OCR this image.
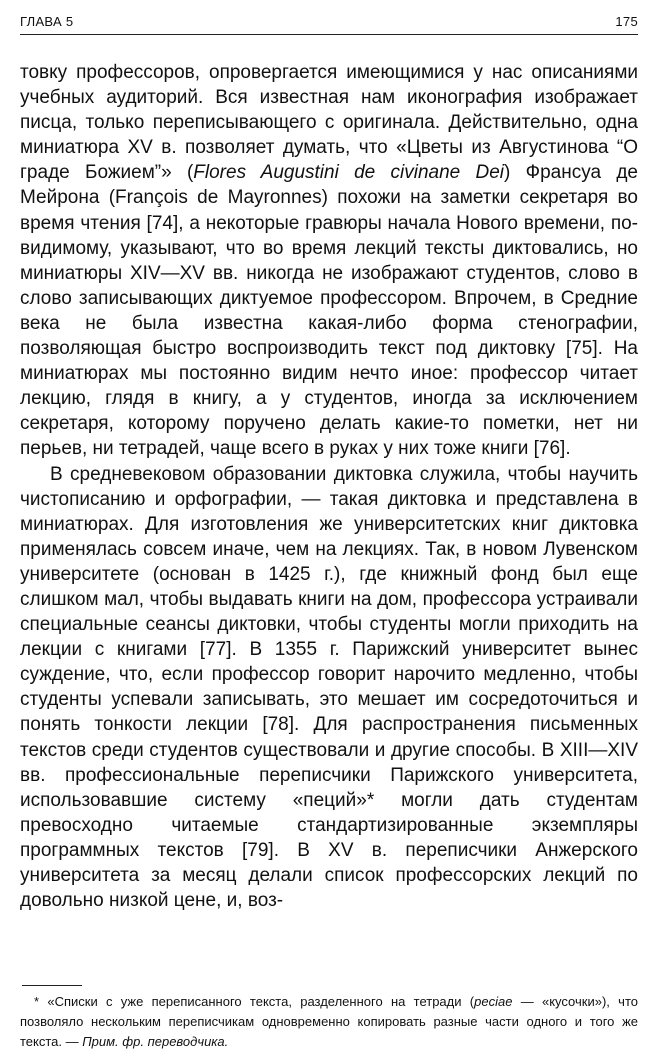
ГЛАВА 5	175

товку профессоров, опровергается имеющимися у нас описаниями учебных аудиторий. Вся известная нам иконография изображает писца, только переписывающего с оригинала. Действительно, одна миниатюра XV в. позволяет думать, что «Цветы из Августинова “О граде Божием”» (Flores Augustini de civinane Dei) Франсуа де Мейрона (François de Mayronnes) похожи на заметки секретаря во время чтения [74], а некоторые гравюры начала Нового времени, по-видимому, указывают, что во время лекций тексты диктовались, но миниатюры XIV—XV вв. никогда не изображают студентов, слово в слово записывающих диктуемое профессором. Впрочем, в Средние века не была известна какая-либо форма стенографии, позволяющая быстро воспроизводить текст под диктовку [75]. На миниатюрах мы постоянно видим нечто иное: профессор читает лекцию, глядя в книгу, а у студентов, иногда за исключением секретаря, которому поручено делать какие-то пометки, нет ни перьев, ни тетрадей, чаще всего в руках у них тоже книги [76].

В средневековом образовании диктовка служила, чтобы научить чистописанию и орфографии, — такая диктовка и представлена в миниатюрах. Для изготовления же университетских книг диктовка применялась совсем иначе, чем на лекциях. Так, в новом Лувенском университете (основан в 1425 г.), где книжный фонд был еще слишком мал, чтобы выдавать книги на дом, профессора устраивали специальные сеансы диктовки, чтобы студенты могли приходить на лекции с книгами [77]. В 1355 г. Парижский университет вынес суждение, что, если профессор говорит нарочито медленно, чтобы студенты успевали записывать, это мешает им сосредоточиться и понять тонкости лекции [78]. Для распространения письменных текстов среди студентов существовали и другие способы. В XIII—XIV вв. профессиональные переписчики Парижского университета, использовавшие систему «пеций»* могли дать студентам превосходно читаемые стандартизированные экземпляры программных текстов [79]. В XV в. переписчики Анжерского университета за месяц делали список профессорских лекций по довольно низкой цене, и, воз-

* «Списки с уже переписанного текста, разделенного на тетради (peciae — «кусочки»), что позволяло нескольким переписчикам одновременно копировать разные части одного и того же текста. — Прим. фр. переводчика.
